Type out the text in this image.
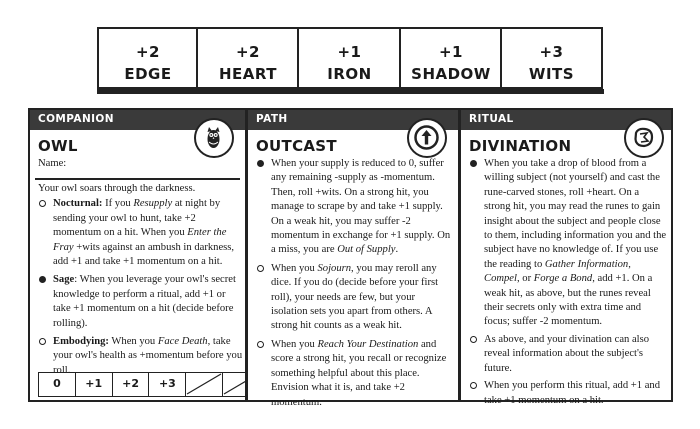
+2
EDGE
+2
HEART
+1
IRON
+1
SHADOW
+3
WITS
COMPANION
OWL

Name:

Your owl soars through the darkness.

Nocturnal: If you Resupply at night by sending your owl to hunt, take +2 momentum on a hit. When you Enter the Fray +wits against an ambush in darkness, add +1 and take +1 momentum on a hit.
Sage: When you leverage your owl's secret knowledge to perform a ritual, add +1 or take +1 momentum on a hit (decide before rolling).
Embodying: When you Face Death, take your owl's health as +momentum before you roll.
0	+1	+2	+3
PATH
OUTCAST
When your supply is reduced to 0, suffer any remaining -supply as -momentum. Then, roll +wits. On a strong hit, you manage to scrape by and take +1 supply. On a weak hit, you may suffer -2 momentum in exchange for +1 supply. On a miss, you are Out of Supply.
When you Sojourn, you may reroll any dice. If you do (decide before your first roll), your needs are few, but your isolation sets you apart from others. A strong hit counts as a weak hit.
When you Reach Your Destination and score a strong hit, you recall or recognize something helpful about this place. Envision what it is, and take +2 momentum.
RITUAL
DIVINATION
When you take a drop of blood from a willing subject (not yourself) and cast the rune-carved stones, roll +heart. On a strong hit, you may read the runes to gain insight about the subject and people close to them, including information you and the subject have no knowledge of. If you use the reading to Gather Information, Compel, or Forge a Bond, add +1. On a weak hit, as above, but the runes reveal their secrets only with extra time and focus; suffer -2 momentum.
As above, and your divination can also reveal information about the subject's future.
When you perform this ritual, add +1 and take +1 momentum on a hit.
